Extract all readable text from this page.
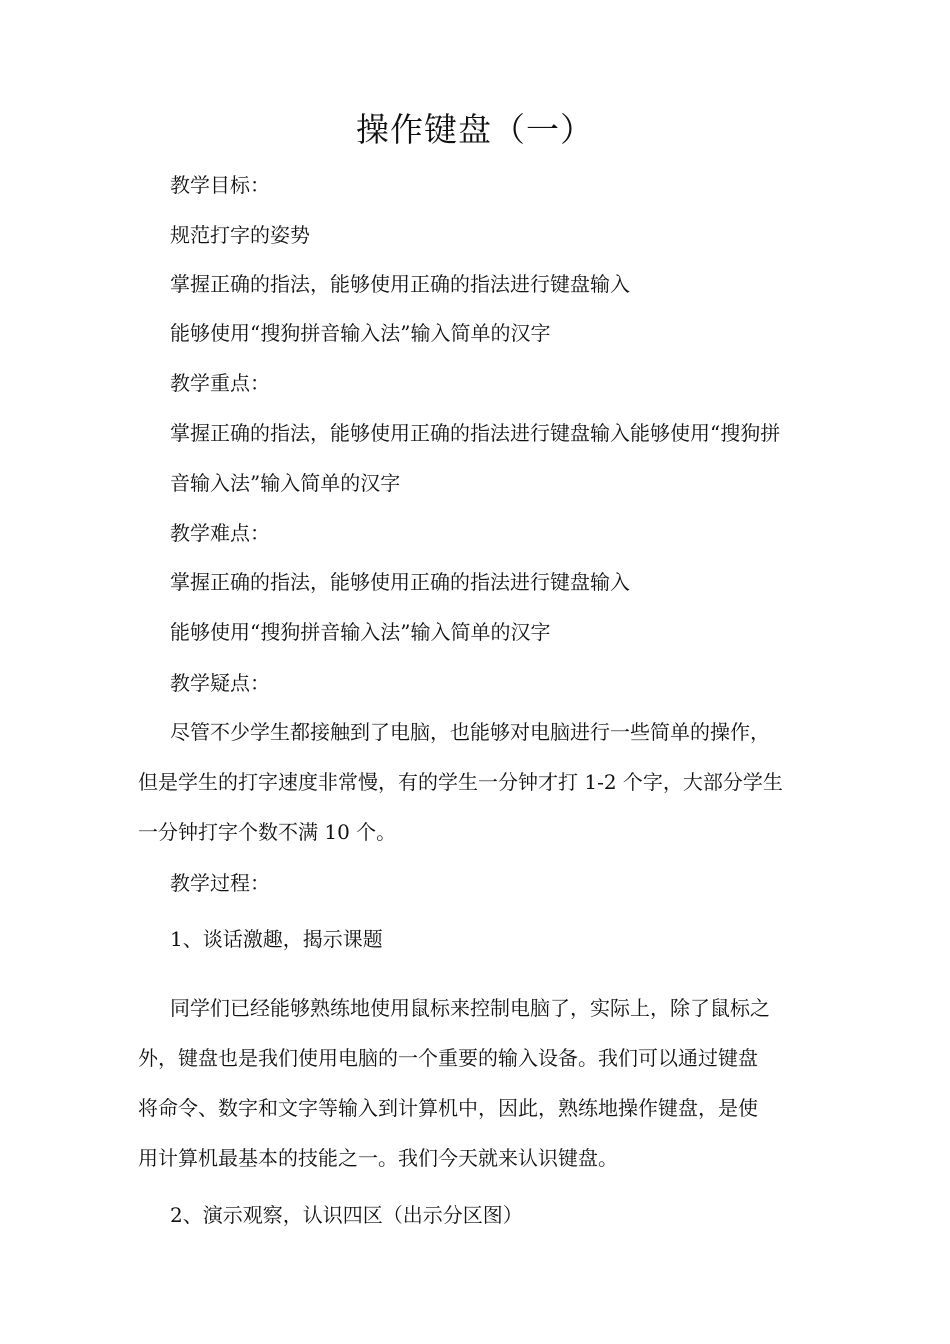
操作键盘（一）
教学目标：
规范打字的姿势
掌握正确的指法，能够使用正确的指法进行键盘输入
能够使用“搜狗拼音输入法”输入简单的汉字
教学重点：
掌握正确的指法，能够使用正确的指法进行键盘输入能够使用“搜狗拼
音输入法”输入简单的汉字
教学难点：
掌握正确的指法，能够使用正确的指法进行键盘输入
能够使用“搜狗拼音输入法”输入简单的汉字
教学疑点：
尽管不少学生都接触到了电脑，也能够对电脑进行一些简单的操作，
但是学生的打字速度非常慢，有的学生一分钟才打 1-2 个字，大部分学生
一分钟打字个数不满 10 个。
教学过程：
1、谈话激趣，揭示课题
同学们已经能够熟练地使用鼠标来控制电脑了，实际上，除了鼠标之
外，键盘也是我们使用电脑的一个重要的输入设备。我们可以通过键盘
将命令、数字和文字等输入到计算机中，因此，熟练地操作键盘，是使
用计算机最基本的技能之一。我们今天就来认识键盘。
2、演示观察，认识四区（出示分区图）
